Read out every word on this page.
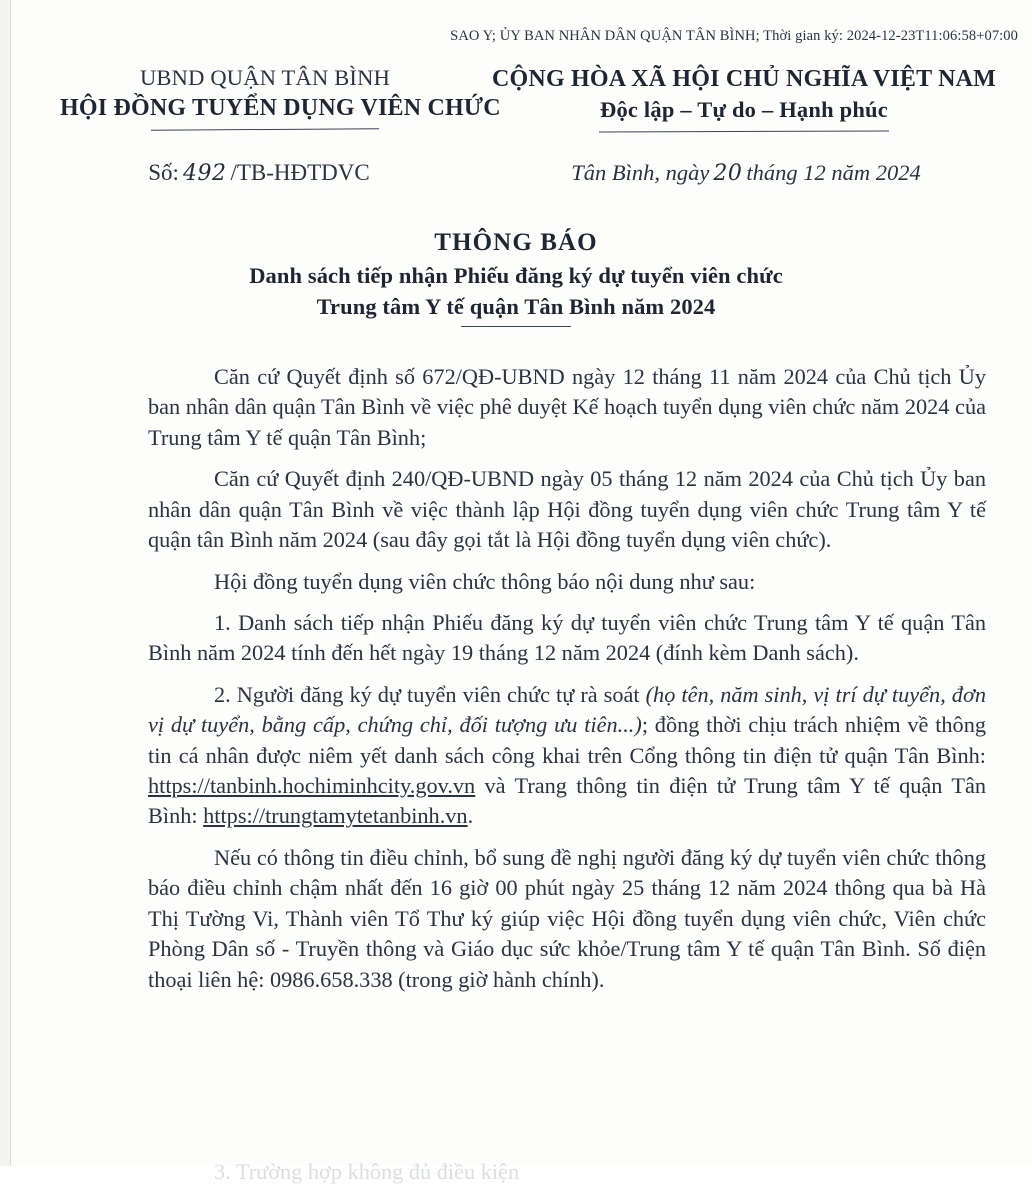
SAO Y; ỦY BAN NHÂN DÂN QUẬN TÂN BÌNH; Thời gian ký: 2024-12-23T11:06:58+07:00
UBND QUẬN TÂN BÌNH
HỘI ĐỒNG TUYỂN DỤNG VIÊN CHỨC
CỘNG HÒA XÃ HỘI CHỦ NGHĨA VIỆT NAM
Độc lập – Tự do – Hạnh phúc
Số: 492 /TB-HĐTDVC	Tân Bình, ngày 20 tháng 12 năm 2024
THÔNG BÁO
Danh sách tiếp nhận Phiếu đăng ký dự tuyển viên chức
Trung tâm Y tế quận Tân Bình năm 2024

Căn cứ Quyết định số 672/QĐ-UBND ngày 12 tháng 11 năm 2024 của Chủ tịch Ủy ban nhân dân quận Tân Bình về việc phê duyệt Kế hoạch tuyển dụng viên chức năm 2024 của Trung tâm Y tế quận Tân Bình;

Căn cứ Quyết định 240/QĐ-UBND ngày 05 tháng 12 năm 2024 của Chủ tịch Ủy ban nhân dân quận Tân Bình về việc thành lập Hội đồng tuyển dụng viên chức Trung tâm Y tế quận tân Bình năm 2024 (sau đây gọi tắt là Hội đồng tuyển dụng viên chức).

Hội đồng tuyển dụng viên chức thông báo nội dung như sau:

1. Danh sách tiếp nhận Phiếu đăng ký dự tuyển viên chức Trung tâm Y tế quận Tân Bình năm 2024 tính đến hết ngày 19 tháng 12 năm 2024 (đính kèm Danh sách).

2. Người đăng ký dự tuyển viên chức tự rà soát (họ tên, năm sinh, vị trí dự tuyển, đơn vị dự tuyển, bằng cấp, chứng chỉ, đối tượng ưu tiên...); đồng thời chịu trách nhiệm về thông tin cá nhân được niêm yết danh sách công khai trên Cổng thông tin điện tử quận Tân Bình: https://tanbinh.hochiminhcity.gov.vn và Trang thông tin điện tử Trung tâm Y tế quận Tân Bình: https://trungtamytetanbinh.vn.

Nếu có thông tin điều chỉnh, bổ sung đề nghị người đăng ký dự tuyển viên chức thông báo điều chỉnh chậm nhất đến 16 giờ 00 phút ngày 25 tháng 12 năm 2024 thông qua bà Hà Thị Tường Vi, Thành viên Tổ Thư ký giúp việc Hội đồng tuyển dụng viên chức, Viên chức Phòng Dân số - Truyền thông và Giáo dục sức khỏe/Trung tâm Y tế quận Tân Bình. Số điện thoại liên hệ: 0986.658.338 (trong giờ hành chính).

3. Trường hợp không đủ điều kiện
